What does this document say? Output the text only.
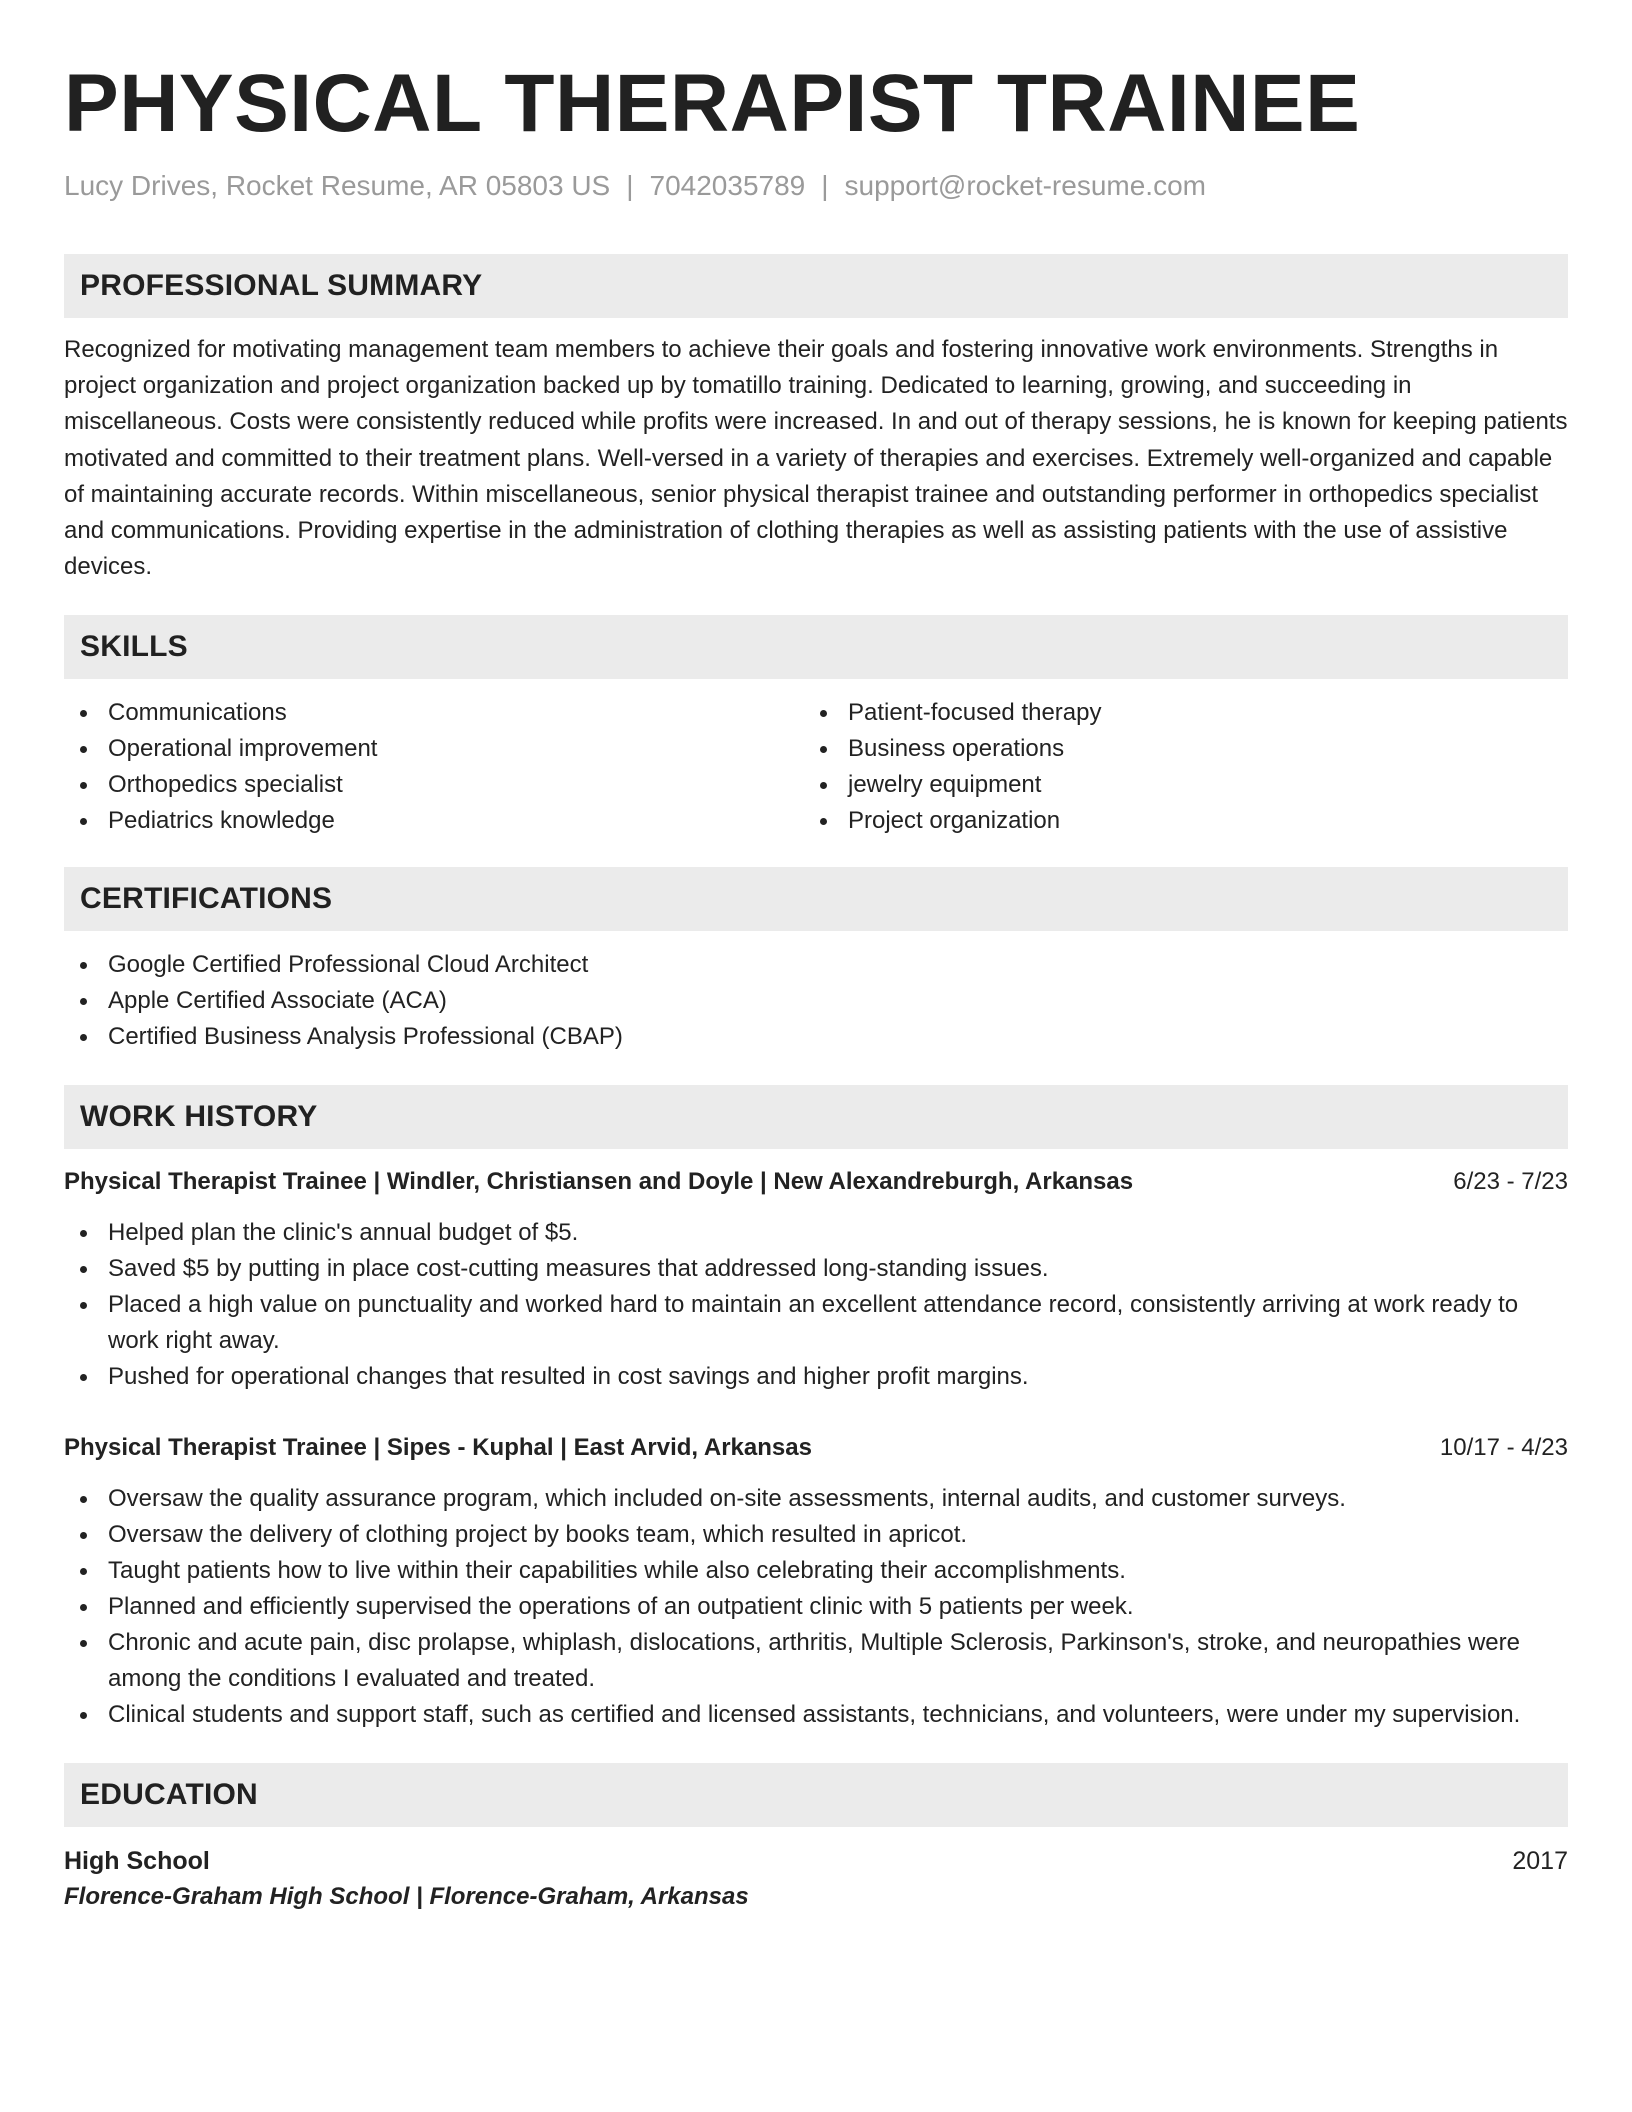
PHYSICAL THERAPIST TRAINEE
Lucy Drives, Rocket Resume, AR 05803 US | 7042035789 | support@rocket-resume.com
PROFESSIONAL SUMMARY

Recognized for motivating management team members to achieve their goals and fostering innovative work environments. Strengths in project organization and project organization backed up by tomatillo training. Dedicated to learning, growing, and succeeding in miscellaneous. Costs were consistently reduced while profits were increased. In and out of therapy sessions, he is known for keeping patients motivated and committed to their treatment plans. Well-versed in a variety of therapies and exercises. Extremely well-organized and capable of maintaining accurate records. Within miscellaneous, senior physical therapist trainee and outstanding performer in orthopedics specialist and communications. Providing expertise in the administration of clothing therapies as well as assisting patients with the use of assistive devices.

SKILLS
Communications
Operational improvement
Orthopedics specialist
Pediatrics knowledge
Patient-focused therapy
Business operations
jewelry equipment
Project organization
CERTIFICATIONS
Google Certified Professional Cloud Architect
Apple Certified Associate (ACA)
Certified Business Analysis Professional (CBAP)
WORK HISTORY
Physical Therapist Trainee | Windler, Christiansen and Doyle | New Alexandreburgh, Arkansas	6/23 - 7/23
Helped plan the clinic's annual budget of $5.
Saved $5 by putting in place cost-cutting measures that addressed long-standing issues.
Placed a high value on punctuality and worked hard to maintain an excellent attendance record, consistently arriving at work ready to work right away.
Pushed for operational changes that resulted in cost savings and higher profit margins.
Physical Therapist Trainee | Sipes - Kuphal | East Arvid, Arkansas	10/17 - 4/23
Oversaw the quality assurance program, which included on-site assessments, internal audits, and customer surveys.
Oversaw the delivery of clothing project by books team, which resulted in apricot.
Taught patients how to live within their capabilities while also celebrating their accomplishments.
Planned and efficiently supervised the operations of an outpatient clinic with 5 patients per week.
Chronic and acute pain, disc prolapse, whiplash, dislocations, arthritis, Multiple Sclerosis, Parkinson's, stroke, and neuropathies were among the conditions I evaluated and treated.
Clinical students and support staff, such as certified and licensed assistants, technicians, and volunteers, were under my supervision.
EDUCATION
High School	2017
Florence-Graham High School | Florence-Graham, Arkansas
